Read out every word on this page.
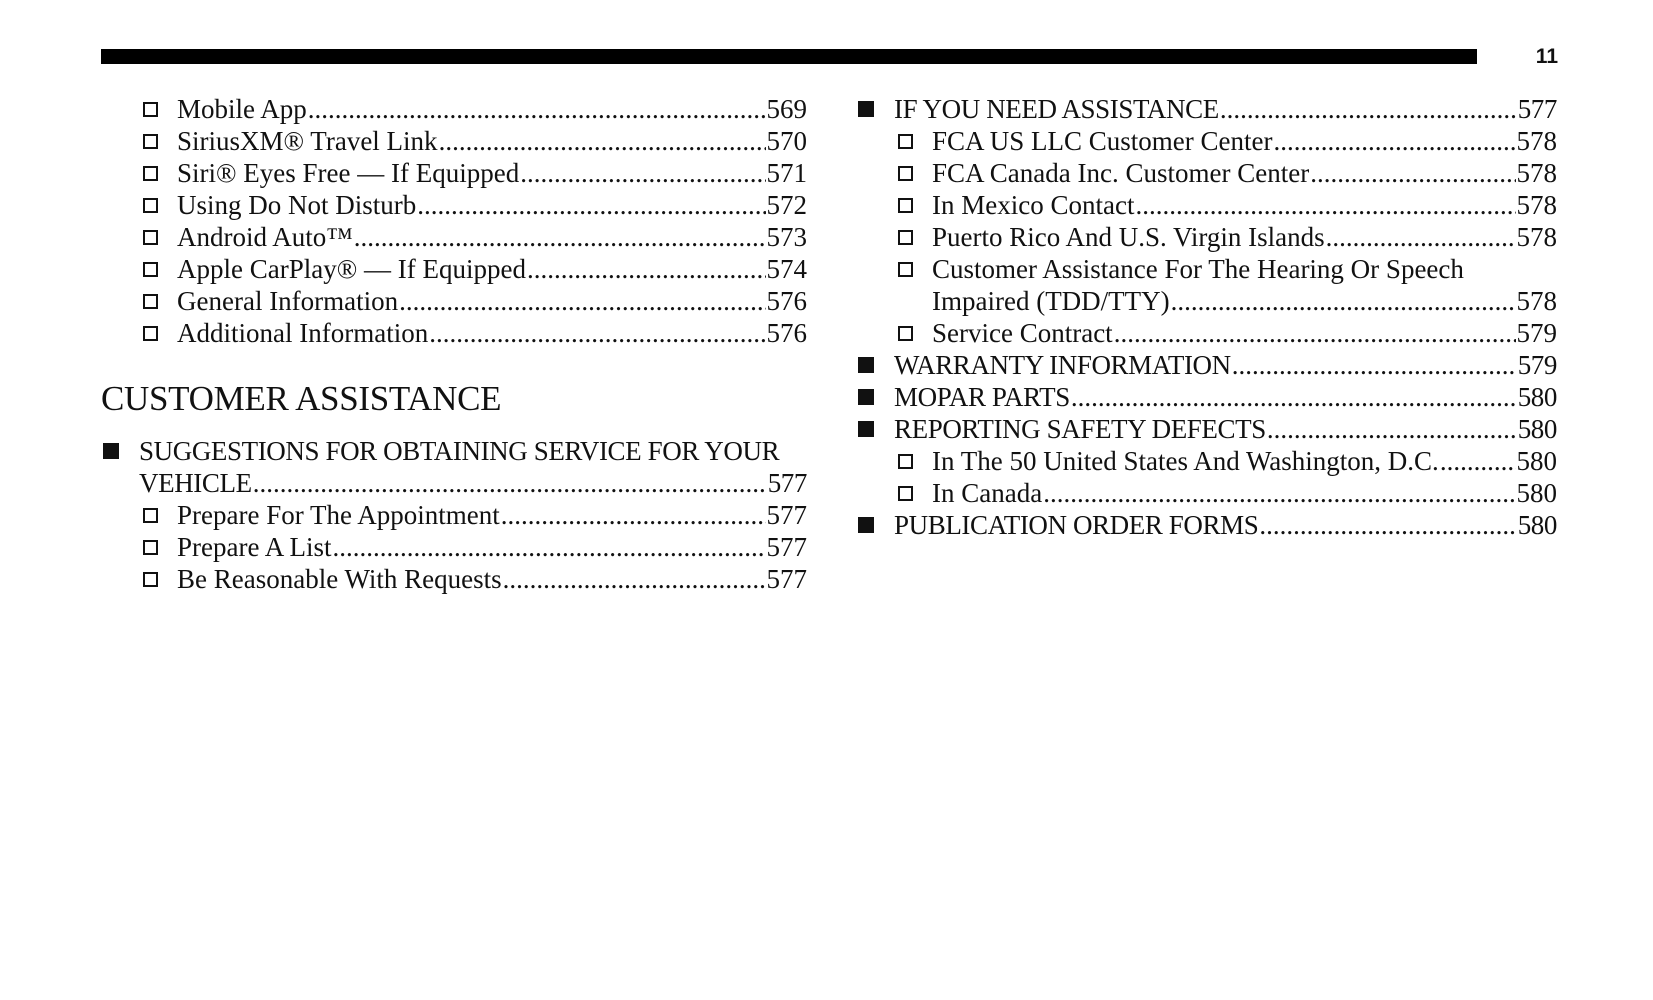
11
Mobile App .....	569
SiriusXM® Travel Link .....	570
Siri® Eyes Free — If Equipped .....	571
Using Do Not Disturb .....	572
Android Auto™ .....	573
Apple CarPlay® — If Equipped .....	574
General Information .....	576
Additional Information .....	576
CUSTOMER ASSISTANCE
SUGGESTIONS FOR OBTAINING SERVICE FOR YOUR
VEHICLE .....	577
Prepare For The Appointment .....	577
Prepare A List .....	577
Be Reasonable With Requests .....	577
IF YOU NEED ASSISTANCE .....	577
FCA US LLC Customer Center .....	578
FCA Canada Inc. Customer Center .....	578
In Mexico Contact .....	578
Puerto Rico And U.S. Virgin Islands .....	578
Customer Assistance For The Hearing Or Speech
Impaired (TDD/TTY) .....	578
Service Contract .....	579
WARRANTY INFORMATION .....	579
MOPAR PARTS .....	580
REPORTING SAFETY DEFECTS .....	580
In The 50 United States And Washington, D.C. .....	580
In Canada .....	580
PUBLICATION ORDER FORMS .....	580
